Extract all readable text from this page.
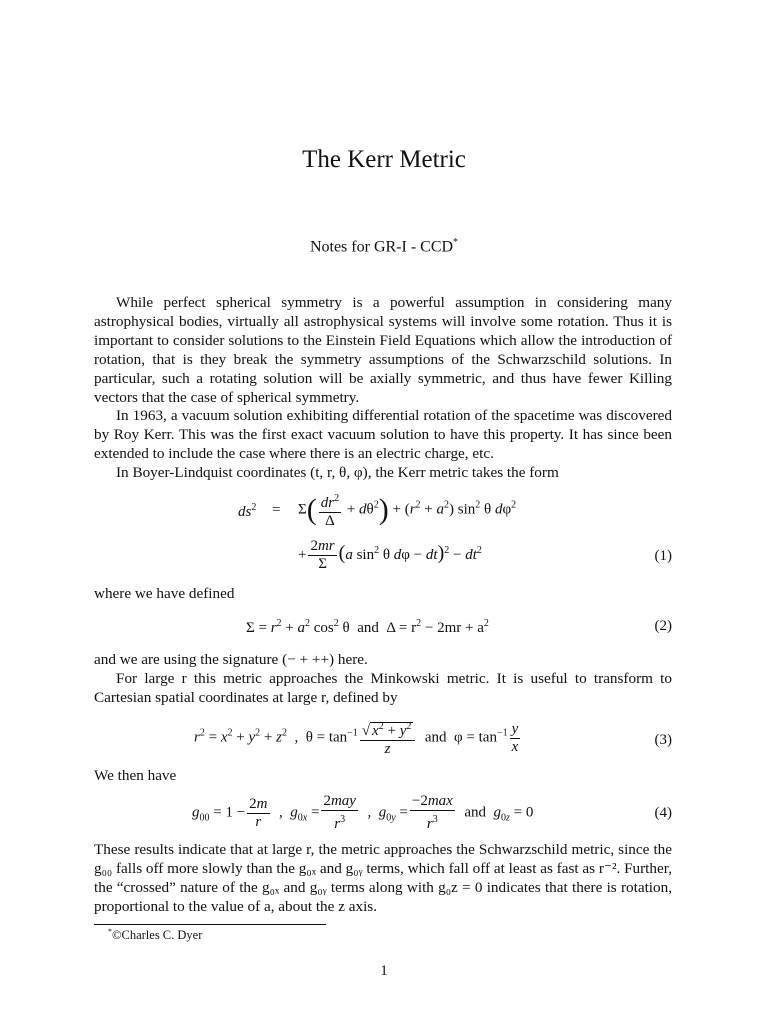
The Kerr Metric
Notes for GR-I - CCD*

While perfect spherical symmetry is a powerful assumption in considering many astrophysical bodies, virtually all astrophysical systems will involve some rotation. Thus it is important to consider solutions to the Einstein Field Equations which allow the introduction of rotation, that is they break the symmetry assumptions of the Schwarzschild solutions. In particular, such a rotating solution will be axially symmetric, and thus have fewer Killing vectors that the case of spherical symmetry.

In 1963, a vacuum solution exhibiting differential rotation of the spacetime was discovered by Roy Kerr. This was the first exact vacuum solution to have this property. It has since been extended to include the case where there is an electric charge, etc.

In Boyer-Lindquist coordinates (t, r, θ, φ), the Kerr metric takes the form

$ds^2 = \Sigma( \frac{dr^2}{\Delta} + d\theta^2) + (r^2 + a^2)$ $\sin^2 \theta$ $d\varphi^2$
+ $\frac{2mr}{\Sigma} (a$ $\sin^2 \theta$ $d\varphi - dt)^2 - dt^2$	(1)

where we have defined

$\Sigma = r^2 + a^2$ $\cos^2 \theta$  and  $\Delta = r^2 - 2mr + a^2$	(2)

and we are using the signature (− + ++) here.

For large r this metric approaches the Minkowski metric. It is useful to transform to Cartesian spatial coordinates at large r, defined by

$r^2 = x^2 + y^2 + z^2$  ,  $\theta = \tan^{-1} \frac{√ x^2 + y^2}{z}$ and  $\varphi = \tan^{-1} \frac{y}{x}$	(3)

We then have

$g_{00} = 1 - \frac{2m}{r}$ ,  $g_{0x} = \frac{\text{2may}}{r^3}$ ,  $g_{0y} = \frac{-2\max}{r^3}$ and  $g_{0z} = 0$	(4)

These results indicate that at large r, the metric approaches the Schwarzschild metric, since the g₀₀ falls off more slowly than the g₀ₓ and g₀ᵧ terms, which fall off at least as fast as r⁻². Further, the “crossed” nature of the g₀ₓ and g₀ᵧ terms along with g₀z = 0 indicates that there is rotation, proportional to the value of a, about the z axis.

*©Charles C. Dyer
1
